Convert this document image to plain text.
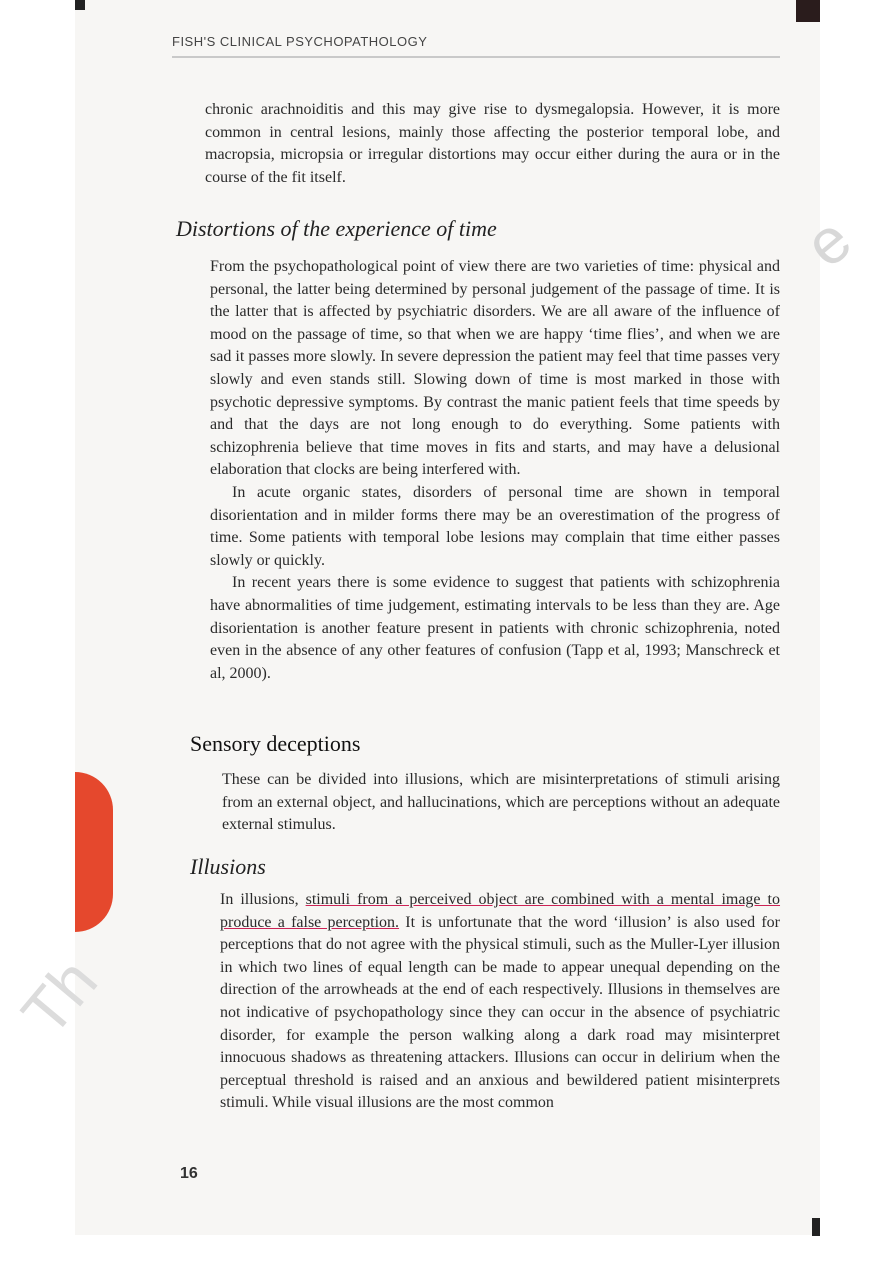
e
Th
FISH'S CLINICAL PSYCHOPATHOLOGY

chronic arachnoiditis and this may give rise to dysmegalopsia. However, it is more common in central lesions, mainly those affecting the posterior temporal lobe, and macropsia, micropsia or irregular distortions may occur either during the aura or in the course of the fit itself.

Distortions of the experience of time

From the psychopathological point of view there are two varieties of time: physical and personal, the latter being determined by personal judgement of the passage of time. It is the latter that is affected by psychiatric disorders. We are all aware of the influence of mood on the passage of time, so that when we are happy ‘time flies’, and when we are sad it passes more slowly. In severe depression the patient may feel that time passes very slowly and even stands still. Slowing down of time is most marked in those with psychotic depressive symptoms. By contrast the manic patient feels that time speeds by and that the days are not long enough to do everything. Some patients with schizophrenia believe that time moves in fits and starts, and may have a delusional elaboration that clocks are being interfered with.

In acute organic states, disorders of personal time are shown in temporal disorientation and in milder forms there may be an overestimation of the progress of time. Some patients with temporal lobe lesions may complain that time either passes slowly or quickly.

In recent years there is some evidence to suggest that patients with schizophrenia have abnormalities of time judgement, estimating intervals to be less than they are. Age disorientation is another feature present in patients with chronic schizophrenia, noted even in the absence of any other features of confusion (Tapp et al, 1993; Manschreck et al, 2000).

Sensory deceptions

These can be divided into illusions, which are misinterpretations of stimuli arising from an external object, and hallucinations, which are perceptions without an adequate external stimulus.

Illusions

In illusions, stimuli from a perceived object are combined with a mental image to produce a false perception. It is unfortunate that the word ‘illusion’ is also used for perceptions that do not agree with the physical stimuli, such as the Muller-Lyer illusion in which two lines of equal length can be made to appear unequal depending on the direction of the arrowheads at the end of each respectively. Illusions in themselves are not indicative of psychopathology since they can occur in the absence of psychiatric disorder, for example the person walking along a dark road may misinterpret innocuous shadows as threatening attackers. Illusions can occur in delirium when the perceptual threshold is raised and an anxious and bewildered patient misinterprets stimuli. While visual illusions are the most common

16
